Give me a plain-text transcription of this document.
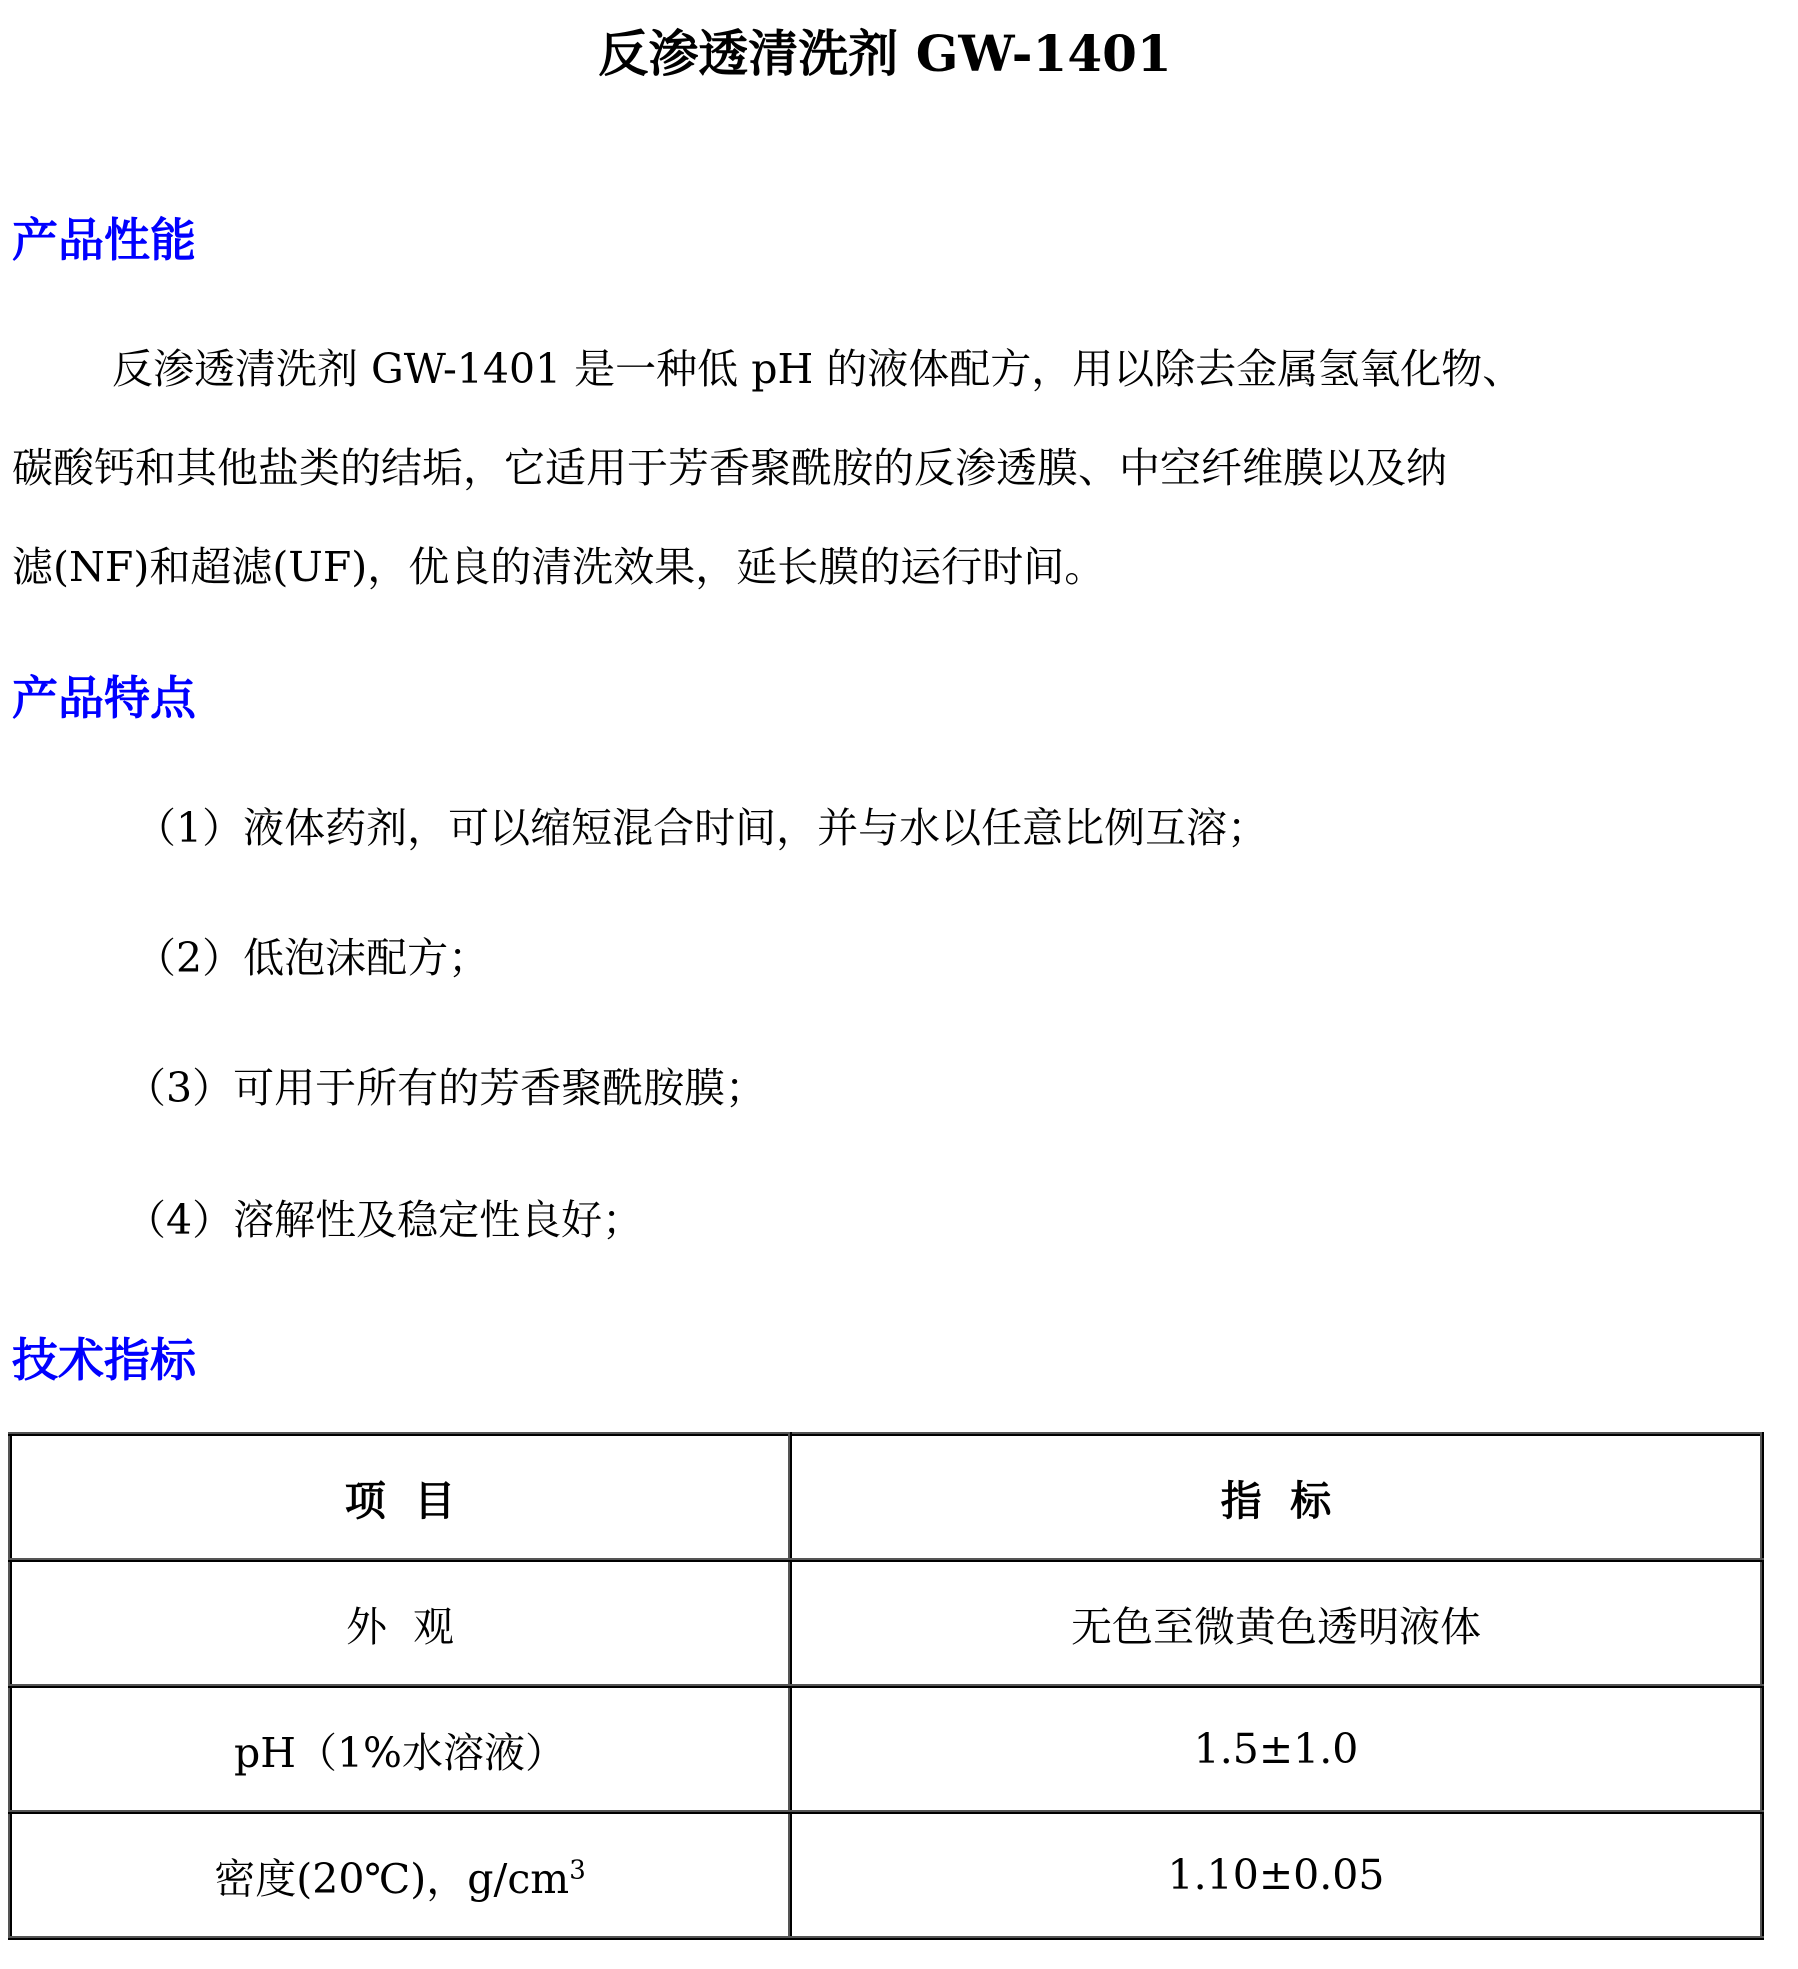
反渗透清洗剂 GW-1401
产品性能

反渗透清洗剂 GW-1401 是一种低 pH 的液体配方，用以除去金属氢氧化物、
碳酸钙和其他盐类的结垢，它适用于芳香聚酰胺的反渗透膜、中空纤维膜以及纳
滤(NF)和超滤(UF)，优良的清洗效果，延长膜的运行时间。

产品特点

（1）液体药剂，可以缩短混合时间，并与水以任意比例互溶；

（2）低泡沫配方；

（3）可用于所有的芳香聚酰胺膜；

（4）溶解性及稳定性良好；

技术指标
项  目	指  标
外  观	无色至微黄色透明液体
pH（1%水溶液）	1.5±1.0
密度(20℃)，$g/cm^3$	1.10±0.05
